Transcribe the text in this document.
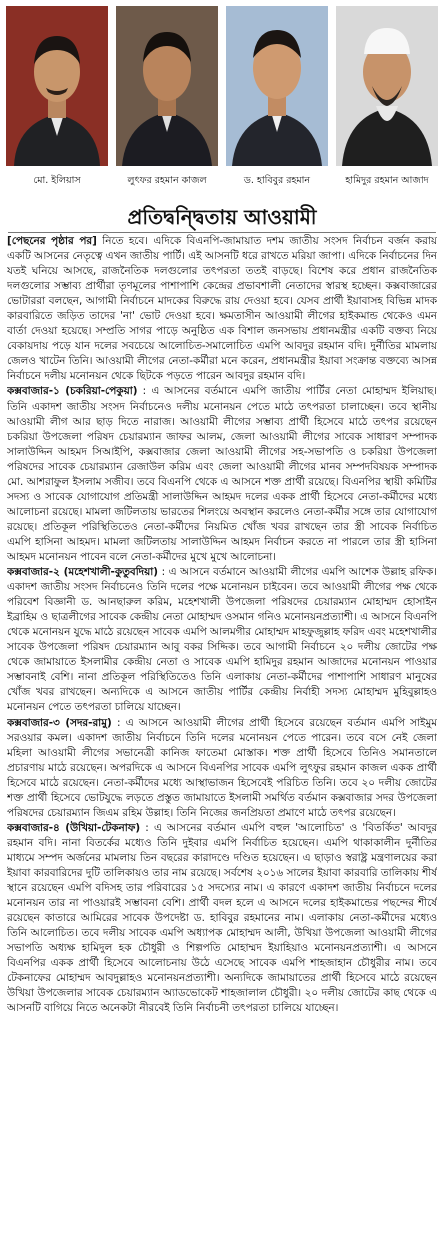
মো. ইলিয়াস	লুৎফর রহমান কাজল	ড. হাবিবুর রহমান	হামিদুর রহমান আজাদ
প্রতিদ্বন্দ্বিতায় আওয়ামী

[পেছনের পৃষ্ঠার পর] নিতে হবে। এদিকে বিএনপি-জামায়াত দশম জাতীয় সংসদ নির্বাচন বর্জন করায় একটি আসনের নেতৃত্বে এখন জাতীয় পার্টি। এই আসনটি ধরে রাখতে মরিয়া জাপা। এদিকে নির্বাচনের দিন যতই ঘনিয়ে আসছে, রাজনৈতিক দলগুলোর তৎপরতা ততই বাড়ছে। বিশেষ করে প্রধান রাজনৈতিক দলগুলোর সম্ভাব্য প্রার্থীরা তৃণমূলের পাশাপাশি কেন্দ্রের প্রভাবশালী নেতাদের স্বারস্থ হচ্ছেন। কক্সবাজারের ভোটাররা বলছেন, আগামী নির্বাচনে মাদকের বিরুদ্ধে রায় দেওয়া হবে। যেসব প্রার্থী ইয়াবাসহ বিভিন্ন মাদক কারবারিতে জড়িত তাদের 'না' ভোট দেওয়া হবে। ক্ষমতাসীন আওয়ামী লীগের হাইকমান্ড থেকেও এমন বার্তা দেওয়া হয়েছে। সম্প্রতি সাগর পাড়ে অনুষ্ঠিত এক বিশাল জনসভায় প্রধানমন্ত্রীর একটি বক্তব্য নিয়ে বেকায়দায় পড়ে যান দলের সবচেয়ে আলোচিত-সমালোচিত এমপি আবদুর রহমান বদি। দুর্নীতির মামলায় জেলও খাটেন তিনি। আওয়ামী লীগের নেতা-কর্মীরা মনে করেন, প্রধানমন্ত্রীর ইয়াবা সংক্রান্ত বক্তব্যে আসন্ন নির্বাচনে দলীয় মনোনয়ন থেকে ছিটকে পড়তে পারেন আবদুর রহমান বদি।

কক্সবাজার-১ (চকরিয়া-পেকুয়া) : এ আসনের বর্তমানে এমপি জাতীয় পার্টির নেতা মোহাম্মদ ইলিয়াছ। তিনি একাদশ জাতীয় সংসদ নির্বাচনেও দলীয় মনোনয়ন পেতে মাঠে তৎপরতা চালাচ্ছেন। তবে স্থানীয় আওয়ামী লীগ আর ছাড় দিতে নারাজ। আওয়ামী লীগের সম্ভাব্য প্রার্থী হিসেবে মাঠে তৎপর রয়েছেন চকরিয়া উপজেলা পরিষদ চেয়ারম্যান জাফর আলম, জেলা আওয়ামী লীগের সাবেক সাধারণ সম্পাদক সালাউদ্দিন আহমদ সিআইপি, কক্সবাজার জেলা আওয়ামী লীগের সহ-সভাপতি ও চকরিয়া উপজেলা পরিষদের সাবেক চেয়ারম্যান রেজাউল করিম এবং জেলা আওয়ামী লীগের মানব সম্পদবিষয়ক সম্পাদক মো. আশরাফুল ইসলাম সজীব। তবে বিএনপি থেকে এ আসনে শক্ত প্রার্থী রয়েছে। বিএনপির স্থায়ী কমিটির সদস্য ও সাবেক যোগাযোগ প্রতিমন্ত্রী সালাউদ্দিন আহমদ দলের একক প্রার্থী হিসেবে নেতা-কর্মীদের মধ্যে আলোচনা রয়েছে। মামলা জটিলতায় ভারতের শিলংয়ে অবস্থান করলেও নেতা-কর্মীর সঙ্গে তার যোগাযোগ রয়েছে। প্রতিকূল পরিস্থিতিতেও নেতা-কর্মীদের নিয়মিত খোঁজ খবর রাখছেন তার স্ত্রী সাবেক নির্বাচিত এমপি হাসিনা আহমদ। মামলা জটিলতায় সালাউদ্দিন আহমদ নির্বাচন করতে না পারলে তার স্ত্রী হাসিনা আহমদ মনোনয়ন পাবেন বলে নেতা-কর্মীদের মুখে মুখে আলোচনা।

কক্সবাজার-২ (মহেশখালী-কুতুবদিয়া) : এ আসনে বর্তমানে আওয়ামী লীগের এমপি আশেক উল্লাহ রফিক। একাদশ জাতীয় সংসদ নির্বাচনেও তিনি দলের পক্ষে মনোনয়ন চাইবেন। তবে আওয়ামী লীগের পক্ষ থেকে পরিবেশ বিজ্ঞানী ড. আনছারুল করিম, মহেশখালী উপজেলা পরিষদের চেয়ারম্যান মোহাম্মদ হোসাইন ইব্রাহিম ও ছাত্রলীগের সাবেক কেন্দ্রীয় নেতা মোহাম্মদ ওসমান গনিও মনোনয়নপ্রত্যাশী। এ আসনে বিএনপি থেকে মনোনয়ন যুদ্ধে মাঠে রয়েছেন সাবেক এমপি আলমগীর মোহাম্মদ মাহফুজুল্লাহ ফরিদ এবং মহেশখালীর সাবেক উপজেলা পরিষদ চেয়ারম্যান আবু বকর সিদ্দিক। তবে আগামী নির্বাচনে ২০ দলীয় জোটের পক্ষ থেকে জামায়াতে ইসলামীর কেন্দ্রীয় নেতা ও সাবেক এমপি হামিদুর রহমান আজাদের মনোনয়ন পাওয়ার সম্ভাবনাই বেশি। নানা প্রতিকূল পরিস্থিতিতেও তিনি এলাকায় নেতা-কর্মীদের পাশাপাশি সাধারণ মানুষের খোঁজ খবর রাখছেন। অন্যদিকে এ আসনে জাতীয় পার্টির কেন্দ্রীয় নির্বাহী সদস্য মোহাম্মদ মুহিবুল্লাহও মনোনয়ন পেতে তৎপরতা চালিয়ে যাচ্ছেন।

কক্সবাজার-৩ (সদর-রামু) : এ আসনে আওয়ামী লীগের প্রার্থী হিসেবে রয়েছেন বর্তমান এমপি সাইমুম সরওয়ার কমল। একাদশ জাতীয় নির্বাচনে তিনি দলের মনোনয়ন পেতে পারেন। তবে বসে নেই জেলা মহিলা আওয়ামী লীগের সভানেত্রী কানিজ ফাতেমা মোস্তাক। শক্ত প্রার্থী হিসেবে তিনিও সমানতালে প্রচারণায় মাঠে রয়েছেন। অপরদিকে এ আসনে বিএনপির সাবেক এমপি লুৎফুর রহমান কাজল একক প্রার্থী হিসেবে মাঠে রয়েছেন। নেতা-কর্মীদের মধ্যে আস্থাভাজন হিসেবেই পরিচিত তিনি। তবে ২০ দলীয় জোটের শক্ত প্রার্থী হিসেবে ভোটযুদ্ধে লড়তে প্রস্তুত জামায়াতে ইসলামী সমর্থিত বর্তমান কক্সবাজার সদর উপজেলা পরিষদের চেয়ারম্যান জিএম রহিম উল্লাহ। তিনি নিজের জনপ্রিয়তা প্রমাণে মাঠে তৎপর রয়েছেন।

কক্সবাজার-৪ (উখিয়া-টেকনাফ) : এ আসনের বর্তমান এমপি বহুল 'আলোচিত' ও 'বিতর্কিত' আবদুর রহমান বদি। নানা বিতর্কের মধ্যেও তিনি দুইবার এমপি নির্বাচিত হয়েছেন। এমপি থাকাকালীন দুর্নীতির মাধ্যমে সম্পদ অর্জনের মামলায় তিন বছরের কারাদণ্ডে দণ্ডিত হয়েছেন। এ ছাড়াও স্বরাষ্ট্র মন্ত্রণালয়ের করা ইয়াবা কারবারিদের দুটি তালিকায়ও তার নাম রয়েছে। সর্বশেষ ২০১৬ সালের ইয়াবা কারবারি তালিকায় শীর্ষ স্থানে রয়েছেন এমপি বদিসহ তার পরিবারের ১৫ সদস্যের নাম। এ কারণে একাদশ জাতীয় নির্বাচনে দলের মনোনয়ন তার না পাওয়ারই সম্ভাবনা বেশি। প্রার্থী বদল হলে এ আসনে দলের হাইকমান্ডের পছন্দের শীর্ষে রয়েছেন কাতারে আমিরের সাবেক উপদেষ্টা ড. হাবিবুর রহমানের নাম। এলাকায় নেতা-কর্মীদের মধ্যেও তিনি আলোচিত। তবে দলীয় সাবেক এমপি অধ্যাপক মোহাম্মদ আলী, উখিয়া উপজেলা আওয়ামী লীগের সভাপতি অধ্যক্ষ হামিদুল হক চৌধুরী ও শিল্পপতি মোহাম্মদ ইয়াহিয়াও মনোনয়নপ্রত্যাশী। এ আসনে বিএনপির একক প্রার্থী হিসেবে আলোচনায় উঠে এসেছে সাবেক এমপি শাহজাহান চৌধুরীর নাম। তবে টেকনাফের মোহাম্মদ আবদুল্লাহও মনোনয়নপ্রত্যাশী। অন্যদিকে জামায়াতের প্রার্থী হিসেবে মাঠে রয়েছেন উখিয়া উপজেলার সাবেক চেয়ারম্যান অ্যাডভোকেট শাহজালাল চৌধুরী। ২০ দলীয় জোটের কাছ থেকে এ আসনটি বাগিয়ে নিতে অনেকটা নীরবেই তিনি নির্বাচনী তৎপরতা চালিয়ে যাচ্ছেন।
